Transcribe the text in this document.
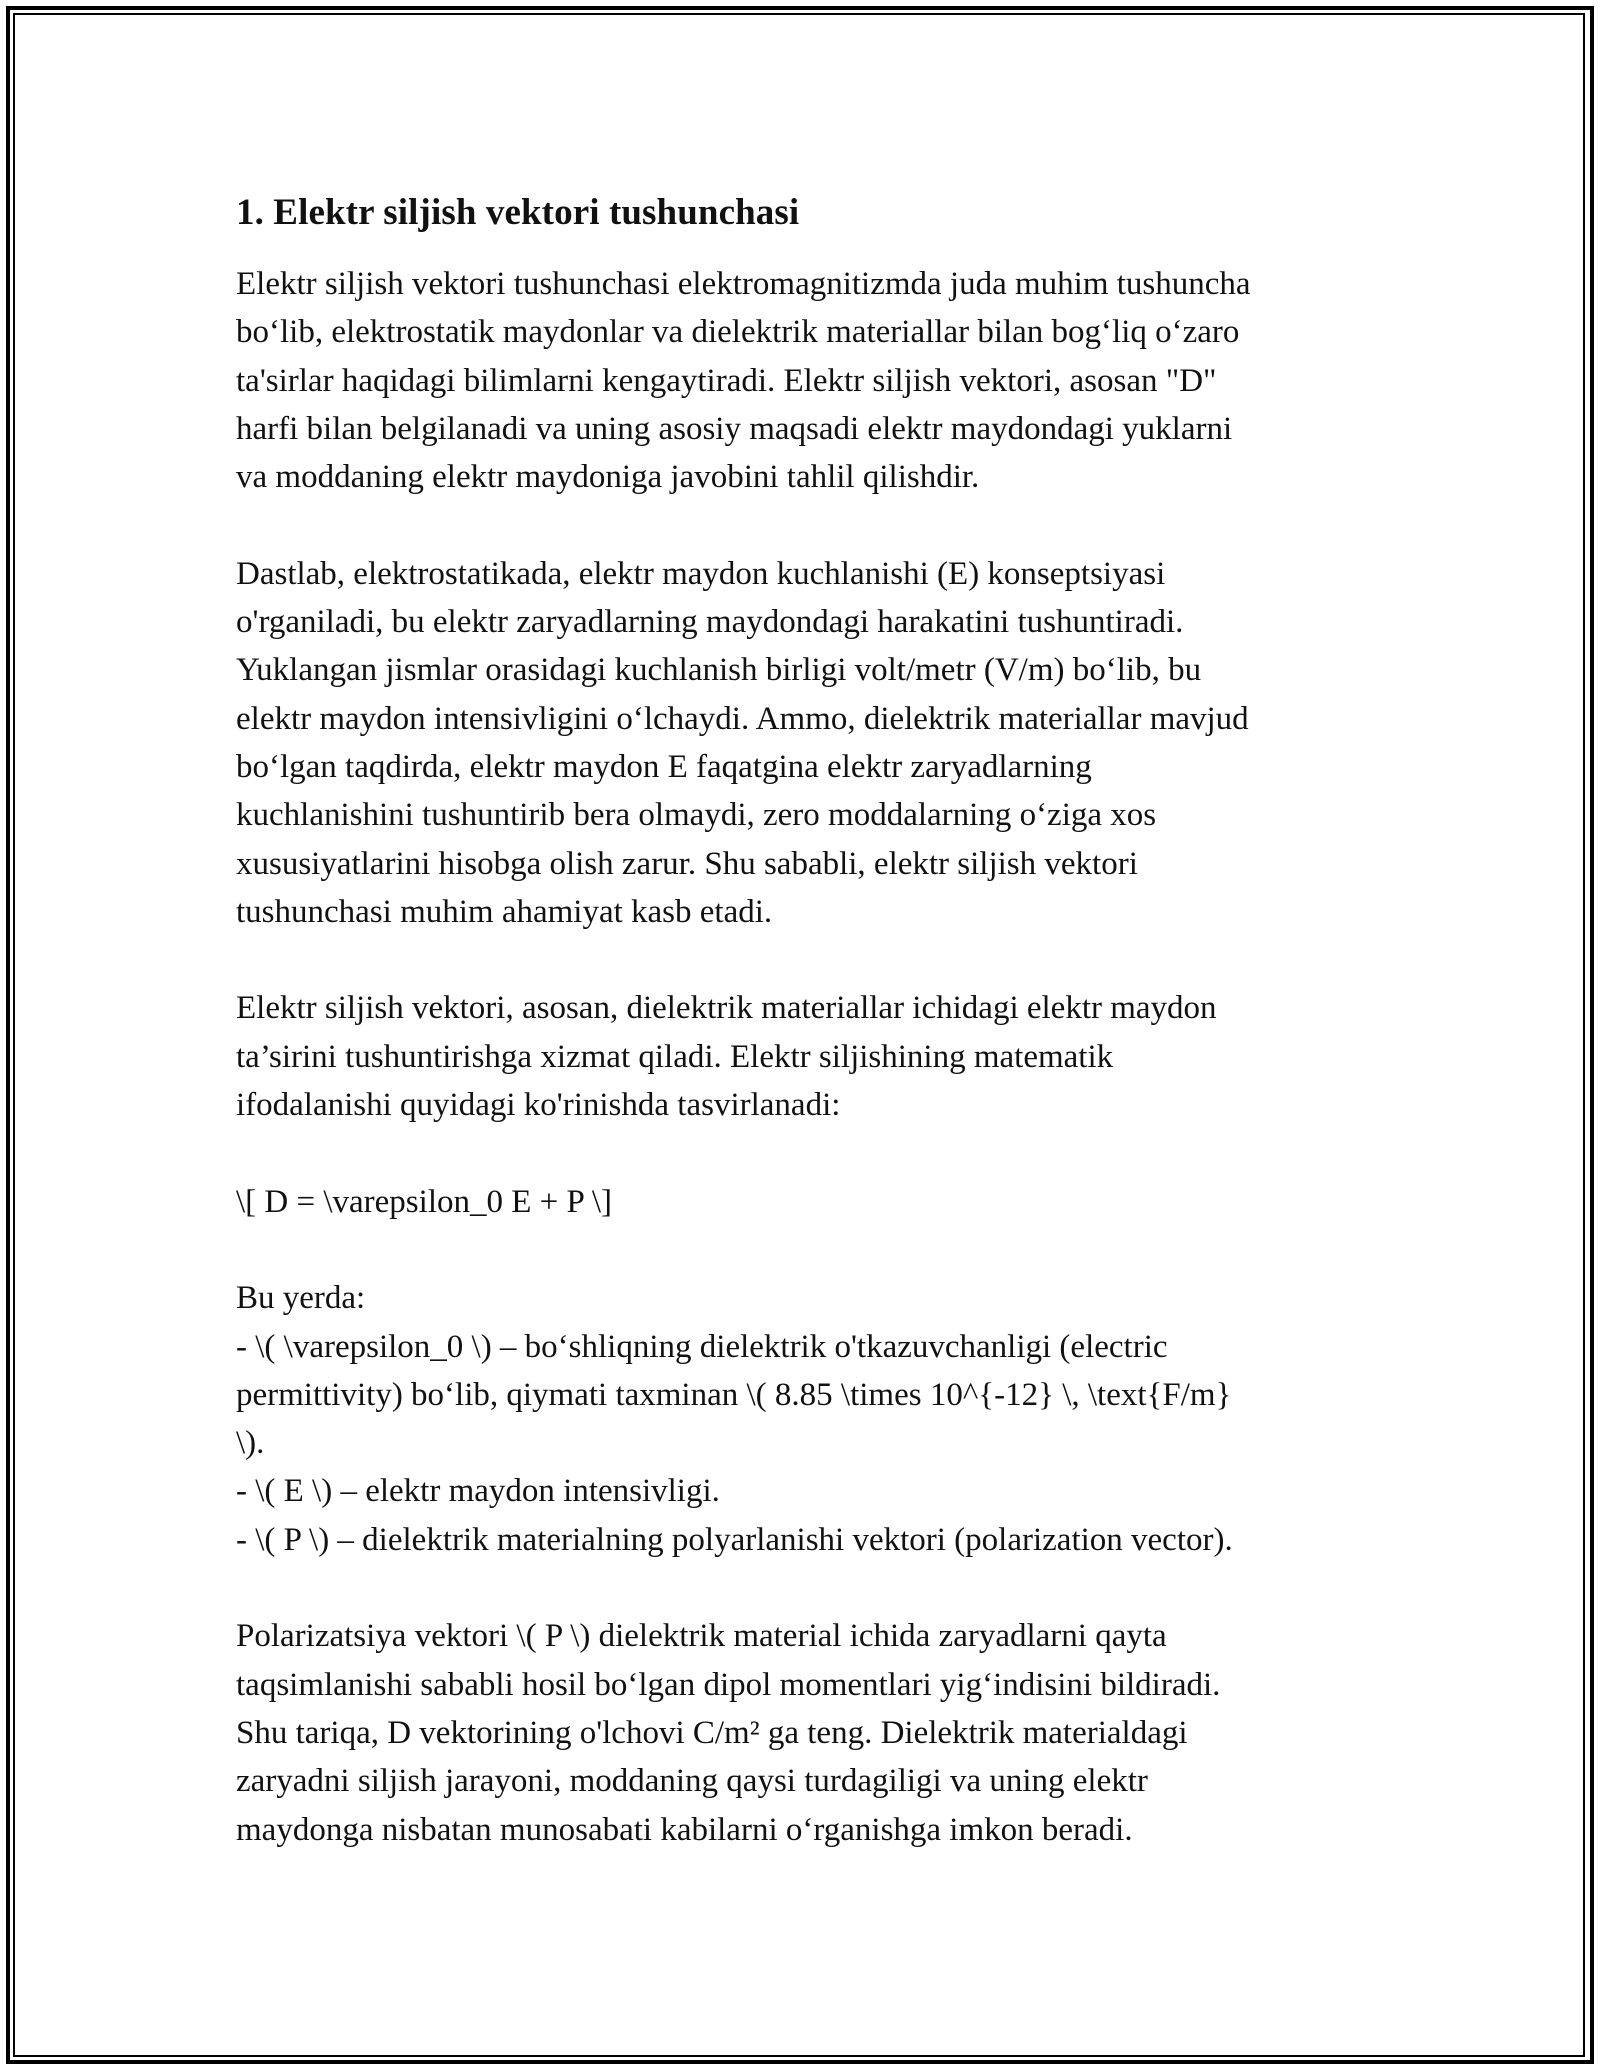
1. Elektr siljish vektori tushunchasi
Elektr siljish vektori tushunchasi elektromagnitizmda juda muhim tushuncha
bo‘lib, elektrostatik maydonlar va dielektrik materiallar bilan bog‘liq o‘zaro
ta'sirlar haqidagi bilimlarni kengaytiradi. Elektr siljish vektori, asosan "D"
harfi bilan belgilanadi va uning asosiy maqsadi elektr maydondagi yuklarni
va moddaning elektr maydoniga javobini tahlil qilishdir.
Dastlab, elektrostatikada, elektr maydon kuchlanishi (E) konseptsiyasi
o'rganiladi, bu elektr zaryadlarning maydondagi harakatini tushuntiradi.
Yuklangan jismlar orasidagi kuchlanish birligi volt/metr (V/m) bo‘lib, bu
elektr maydon intensivligini o‘lchaydi. Ammo, dielektrik materiallar mavjud
bo‘lgan taqdirda, elektr maydon E faqatgina elektr zaryadlarning
kuchlanishini tushuntirib bera olmaydi, zero moddalarning o‘ziga xos
xususiyatlarini hisobga olish zarur. Shu sababli, elektr siljish vektori
tushunchasi muhim ahamiyat kasb etadi.
Elektr siljish vektori, asosan, dielektrik materiallar ichidagi elektr maydon
ta’sirini tushuntirishga xizmat qiladi. Elektr siljishining matematik
ifodalanishi quyidagi ko'rinishda tasvirlanadi:
\[ D = \varepsilon_0 E + P \]
Bu yerda:
- \( \varepsilon_0 \) – bo‘shliqning dielektrik o'tkazuvchanligi (electric
permittivity) bo‘lib, qiymati taxminan \( 8.85 \times 10^{-12} \, \text{F/m}
\).
- \( E \) – elektr maydon intensivligi.
- \( P \) – dielektrik materialning polyarlanishi vektori (polarization vector).
Polarizatsiya vektori \( P \) dielektrik material ichida zaryadlarni qayta
taqsimlanishi sababli hosil bo‘lgan dipol momentlari yig‘indisini bildiradi.
Shu tariqa, D vektorining o'lchovi C/m² ga teng. Dielektrik materialdagi
zaryadni siljish jarayoni, moddaning qaysi turdagiligi va uning elektr
maydonga nisbatan munosabati kabilarni o‘rganishga imkon beradi.
